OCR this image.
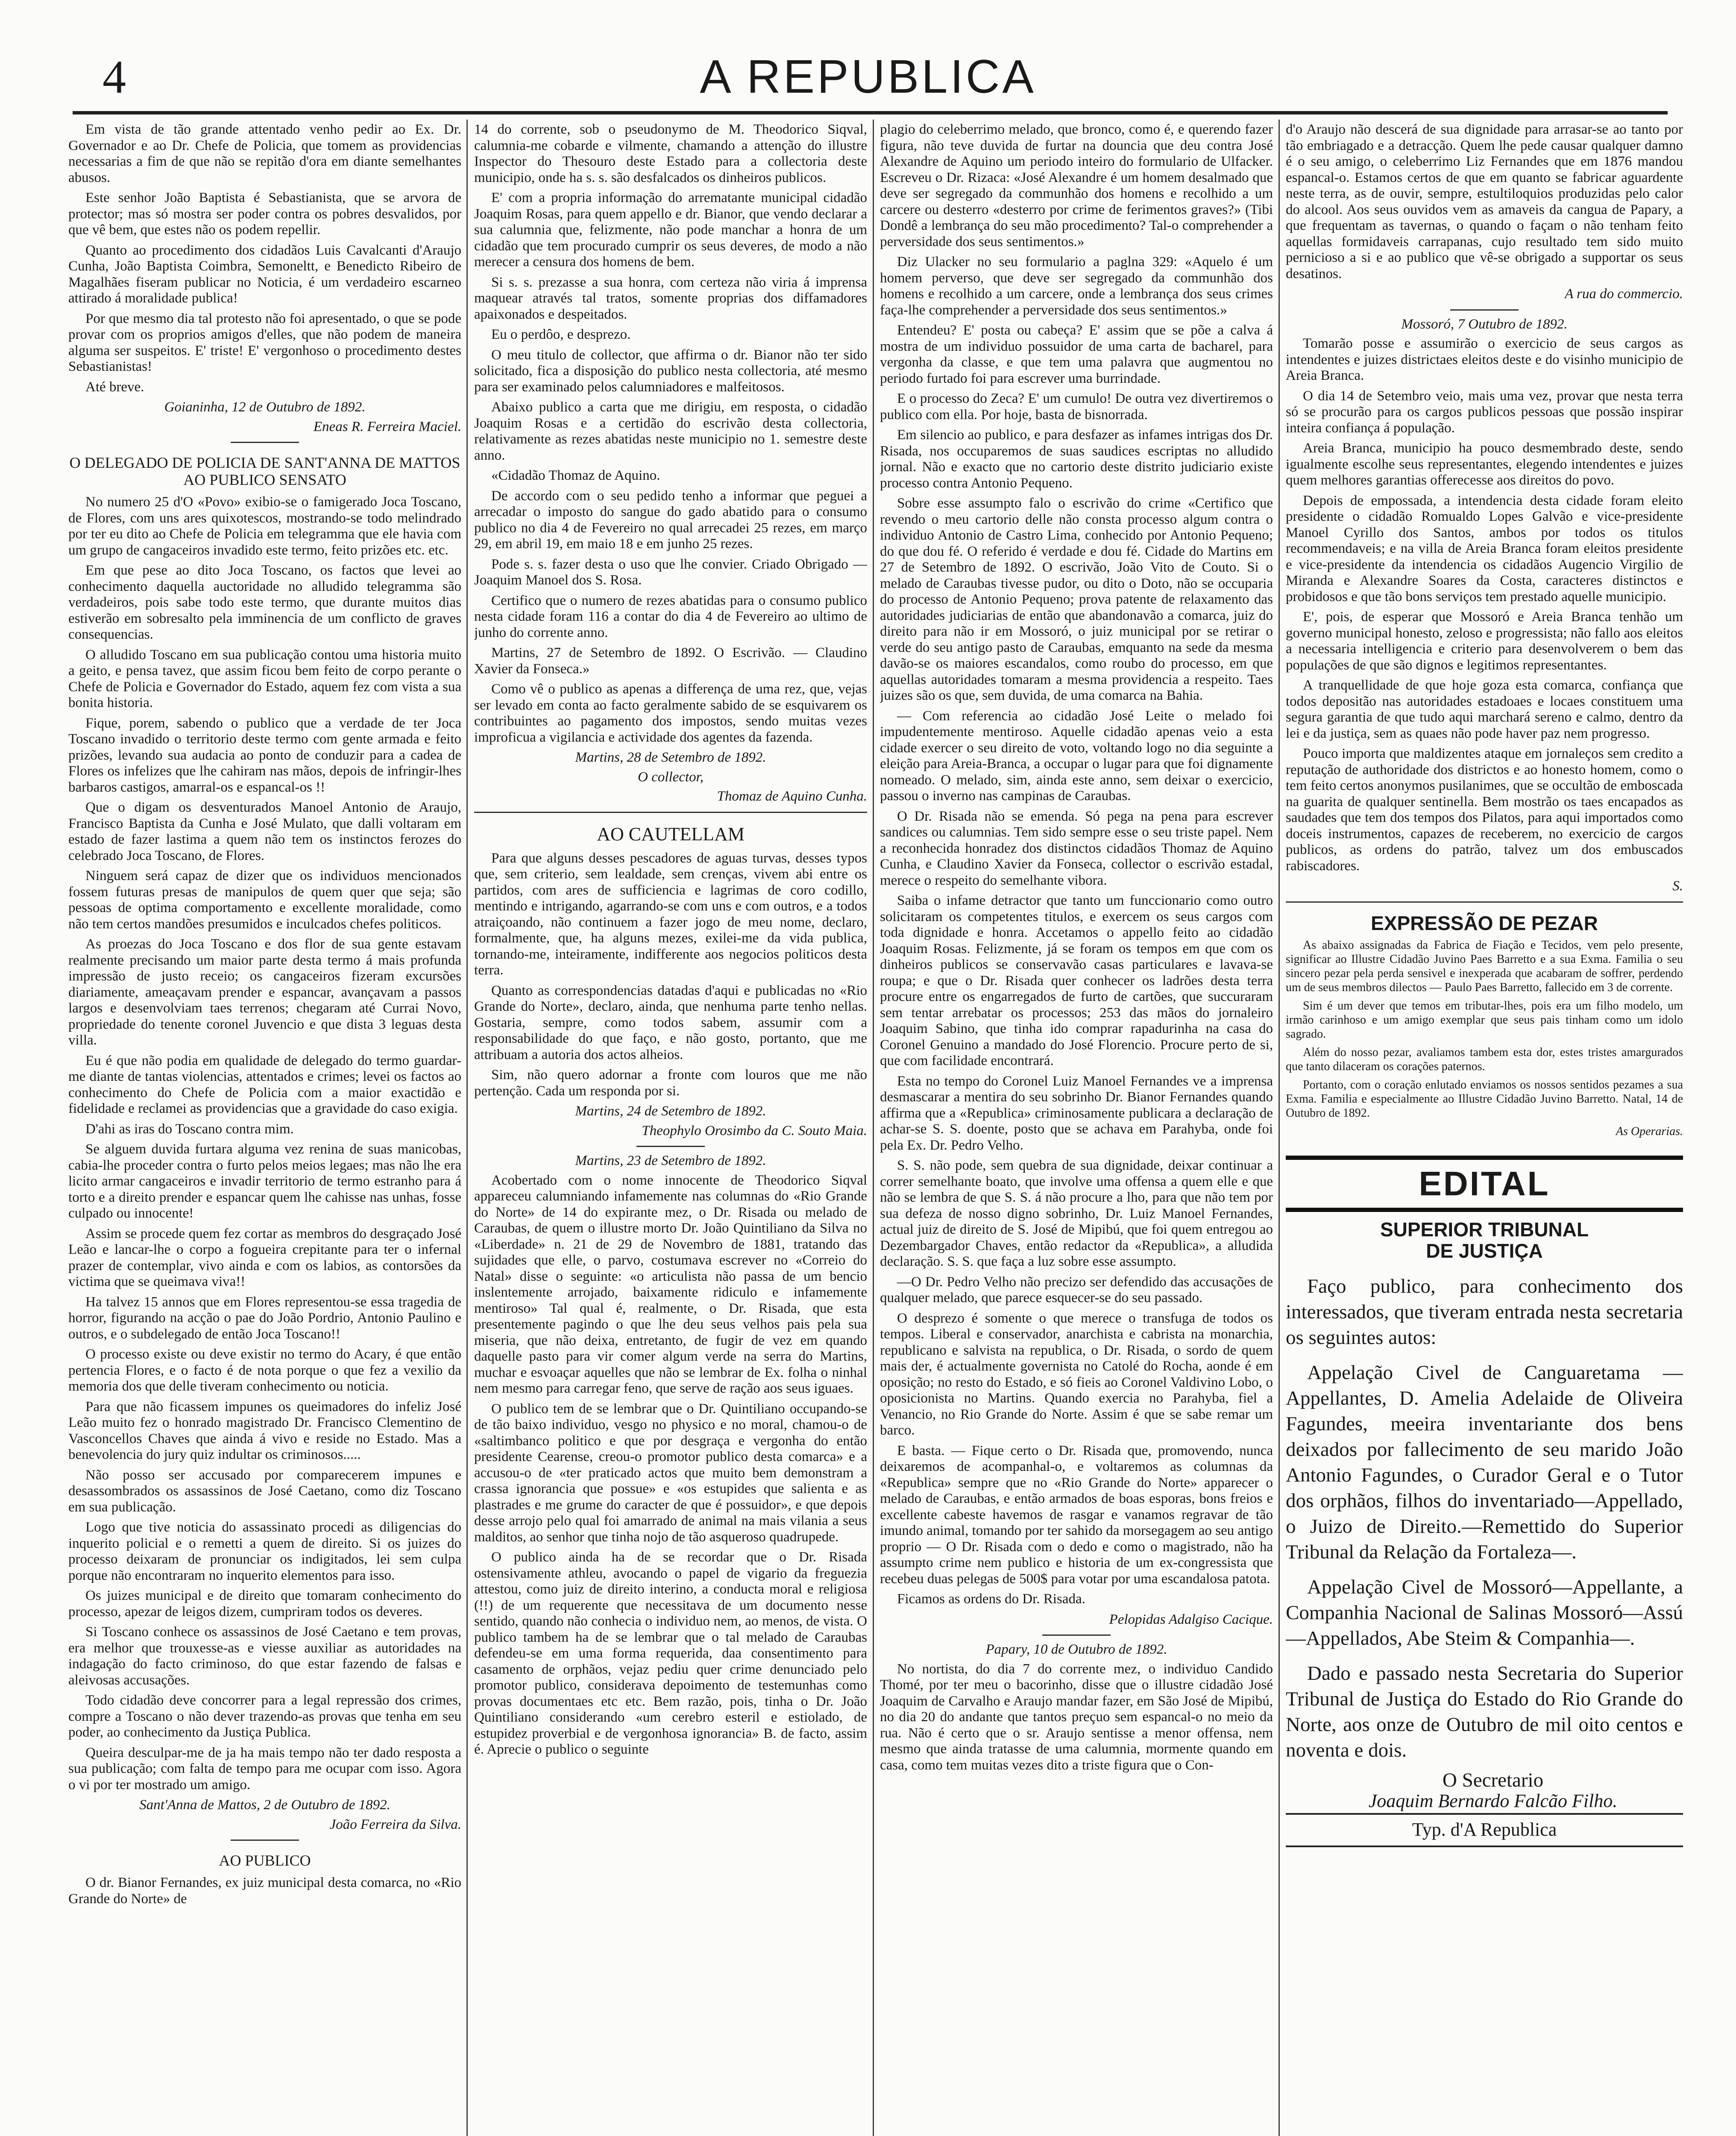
4	A REPUBLICA

Em vista de tão grande attentado venho pedir ao Ex. Dr. Governador e ao Dr. Chefe de Policia, que tomem as providencias necessarias a fim de que não se repitão d'ora em diante semelhantes abusos.

Este senhor João Baptista é Sebastianista, que se arvora de protector; mas só mostra ser poder contra os pobres desvalidos, por que vê bem, que estes não os podem repellir.

Quanto ao procedimento dos cidadãos Luis Cavalcanti d'Araujo Cunha, João Baptista Coimbra, Semoneltt, e Benedicto Ribeiro de Magalhães fiseram publicar no Noticia, é um verdadeiro escarneo attirado á moralidade publica!

Por que mesmo dia tal protesto não foi apresentado, o que se pode provar com os proprios amigos d'elles, que não podem de maneira alguma ser suspeitos. E' triste! E' vergonhoso o procedimento destes Sebastianistas!

Até breve.

Goianinha, 12 de Outubro de 1892.

Eneas R. Ferreira Maciel.

O DELEGADO DE POLICIA DE SANT'ANNA DE MATTOS AO PUBLICO SENSATO

No numero 25 d'O «Povo» exibio-se o famigerado Joca Toscano, de Flores, com uns ares quixotescos, mostrando-se todo melindrado por ter eu dito ao Chefe de Policia em telegramma que ele havia com um grupo de cangaceiros invadido este termo, feito prizões etc. etc.

Em que pese ao dito Joca Toscano, os factos que levei ao conhecimento daquella auctoridade no alludido telegramma são verdadeiros, pois sabe todo este termo, que durante muitos dias estiverão em sobresalto pela imminencia de um conflicto de graves consequencias.

O alludido Toscano em sua publicação contou uma historia muito a geito, e pensa tavez, que assim ficou bem feito de corpo perante o Chefe de Policia e Governador do Estado, aquem fez com vista a sua bonita historia.

Fique, porem, sabendo o publico que a verdade de ter Joca Toscano invadido o territorio deste termo com gente armada e feito prizões, levando sua audacia ao ponto de conduzir para a cadea de Flores os infelizes que lhe cahiram nas mãos, depois de infringir-lhes barbaros castigos, amarral-os e espancal-os !!

Que o digam os desventurados Manoel Antonio de Araujo, Francisco Baptista da Cunha e José Mulato, que dalli voltaram em estado de fazer lastima a quem não tem os instinctos ferozes do celebrado Joca Toscano, de Flores.

Ninguem será capaz de dizer que os individuos mencionados fossem futuras presas de manipulos de quem quer que seja; são pessoas de optima comportamento e excellente moralidade, como não tem certos mandões presumidos e inculcados chefes politicos.

As proezas do Joca Toscano e dos flor de sua gente estavam realmente precisando um maior parte desta termo á mais profunda impressão de justo receio; os cangaceiros fizeram excursões diariamente, ameaçavam prender e espancar, avançavam a passos largos e desenvolviam taes terrenos; chegaram até Currai Novo, propriedade do tenente coronel Juvencio e que dista 3 leguas desta villa.

Eu é que não podia em qualidade de delegado do termo guardar-me diante de tantas violencias, attentados e crimes; levei os factos ao conhecimento do Chefe de Policia com a maior exactidão e fidelidade e reclamei as providencias que a gravidade do caso exigia.

D'ahi as iras do Toscano contra mim.

Se alguem duvida furtara alguma vez renina de suas manicobas, cabia-lhe proceder contra o furto pelos meios legaes; mas não lhe era licito armar cangaceiros e invadir territorio de termo estranho para á torto e a direito prender e espancar quem lhe cahisse nas unhas, fosse culpado ou innocente!

Assim se procede quem fez cortar as membros do desgraçado José Leão e lancar-lhe o corpo a fogueira crepitante para ter o infernal prazer de contemplar, vivo ainda e com os labios, as contorsões da victima que se queimava viva!!

Ha talvez 15 annos que em Flores representou-se essa tragedia de horror, figurando na acção o pae do João Pordrio, Antonio Paulino e outros, e o subdelegado de então Joca Toscano!!

O processo existe ou deve existir no termo do Acary, é que então pertencia Flores, e o facto é de nota porque o que fez a vexilio da memoria dos que delle tiveram conhecimento ou noticia.

Para que não ficassem impunes os queimadores do infeliz José Leão muito fez o honrado magistrado Dr. Francisco Clementino de Vasconcellos Chaves que ainda á vivo e reside no Estado. Mas a benevolencia do jury quiz indultar os criminosos.....

Não posso ser accusado por comparecerem impunes e desassombrados os assassinos de José Caetano, como diz Toscano em sua publicação.

Logo que tive noticia do assassinato procedi as diligencias do inquerito policial e o remetti a quem de direito. Si os juizes do processo deixaram de pronunciar os indigitados, lei sem culpa porque não encontraram no inquerito elementos para isso.

Os juizes municipal e de direito que tomaram conhecimento do processo, apezar de leigos dizem, cumpriram todos os deveres.

Si Toscano conhece os assassinos de José Caetano e tem provas, era melhor que trouxesse-as e viesse auxiliar as autoridades na indagação do facto criminoso, do que estar fazendo de falsas e aleivosas accusações.

Todo cidadão deve concorrer para a legal repressão dos crimes, compre a Toscano o não dever trazendo-as provas que tenha em seu poder, ao conhecimento da Justiça Publica.

Queira desculpar-me de ja ha mais tempo não ter dado resposta a sua publicação; com falta de tempo para me ocupar com isso. Agora o vi por ter mostrado um amigo.

Sant'Anna de Mattos, 2 de Outubro de 1892.

João Ferreira da Silva.

AO PUBLICO

O dr. Bianor Fernandes, ex juiz municipal desta comarca, no «Rio Grande do Norte» de

14 do corrente, sob o pseudonymo de M. Theodorico Siqval, calumnia-me cobarde e vilmente, chamando a attenção do illustre Inspector do Thesouro deste Estado para a collectoria deste municipio, onde ha s. s. são desfalcados os dinheiros publicos.

E' com a propria informação do arrematante municipal cidadão Joaquim Rosas, para quem appello e dr. Bianor, que vendo declarar a sua calumnia que, felizmente, não pode manchar a honra de um cidadão que tem procurado cumprir os seus deveres, de modo a não merecer a censura dos homens de bem.

Si s. s. prezasse a sua honra, com certeza não viria á imprensa maquear através tal tratos, somente proprias dos diffamadores apaixonados e despeitados.

Eu o perdôo, e desprezo.

O meu titulo de collector, que affirma o dr. Bianor não ter sido solicitado, fica a disposição do publico nesta collectoria, até mesmo para ser examinado pelos calumniadores e malfeitosos.

Abaixo publico a carta que me dirigiu, em resposta, o cidadão Joaquim Rosas e a certidão do escrivão desta collectoria, relativamente as rezes abatidas neste municipio no 1. semestre deste anno.

«Cidadão Thomaz de Aquino.

De accordo com o seu pedido tenho a informar que peguei a arrecadar o imposto do sangue do gado abatido para o consumo publico no dia 4 de Fevereiro no qual arrecadei 25 rezes, em março 29, em abril 19, em maio 18 e em junho 25 rezes.

Pode s. s. fazer desta o uso que lhe convier. Criado Obrigado — Joaquim Manoel dos S. Rosa.

Certifico que o numero de rezes abatidas para o consumo publico nesta cidade foram 116 a contar do dia 4 de Fevereiro ao ultimo de junho do corrente anno.

Martins, 27 de Setembro de 1892. O Escrivão. — Claudino Xavier da Fonseca.»

Como vê o publico as apenas a differença de uma rez, que, vejas ser levado em conta ao facto geralmente sabido de se esquivarem os contribuintes ao pagamento dos impostos, sendo muitas vezes improficua a vigilancia e actividade dos agentes da fazenda.

Martins, 28 de Setembro de 1892.

O collector,

Thomaz de Aquino Cunha.

AO CAUTELLAM

Para que alguns desses pescadores de aguas turvas, desses typos que, sem criterio, sem lealdade, sem crenças, vivem abi entre os partidos, com ares de sufficiencia e lagrimas de coro codillo, mentindo e intrigando, agarrando-se com uns e com outros, e a todos atraiçoando, não continuem a fazer jogo de meu nome, declaro, formalmente, que, ha alguns mezes, exilei-me da vida publica, tornando-me, inteiramente, indifferente aos negocios politicos desta terra.

Quanto as correspondencias datadas d'aqui e publicadas no «Rio Grande do Norte», declaro, ainda, que nenhuma parte tenho nellas. Gostaria, sempre, como todos sabem, assumir com a responsabilidade do que faço, e não gosto, portanto, que me attribuam a autoria dos actos alheios.

Sim, não quero adornar a fronte com louros que me não pertenção. Cada um responda por si.

Martins, 24 de Setembro de 1892.

Theophylo Orosimbo da C. Souto Maia.

Martins, 23 de Setembro de 1892.

Acobertado com o nome innocente de Theodorico Siqval appareceu calumniando infamemente nas columnas do «Rio Grande do Norte» de 14 do expirante mez, o Dr. Risada ou melado de Caraubas, de quem o illustre morto Dr. João Quintiliano da Silva no «Liberdade» n. 21 de 29 de Novembro de 1881, tratando das sujidades que elle, o parvo, costumava escrever no «Correio do Natal» disse o seguinte: «o articulista não passa de um bencio inslentemente arrojado, baixamente ridiculo e infamemente mentiroso» Tal qual é, realmente, o Dr. Risada, que esta presentemente pagindo o que lhe deu seus velhos pais pela sua miseria, que não deixa, entretanto, de fugir de vez em quando daquelle pasto para vir comer algum verde na serra do Martins, muchar e esvoaçar aquelles que não se lembrar de Ex. folha o ninhal nem mesmo para carregar feno, que serve de ração aos seus iguaes.

O publico tem de se lembrar que o Dr. Quintiliano occupando-se de tão baixo individuo, vesgo no physico e no moral, chamou-o de «saltimbanco politico e que por desgraça e vergonha do então presidente Cearense, creou-o promotor publico desta comarca» e a accusou-o de «ter praticado actos que muito bem demonstram a crassa ignorancia que possue» e «os estupides que salienta e as plastrades e me grume do caracter de que é possuidor», e que depois desse arrojo pelo qual foi amarrado de animal na mais vilania a seus malditos, ao senhor que tinha nojo de tão asqueroso quadrupede.

O publico ainda ha de se recordar que o Dr. Risada ostensivamente athleu, avocando o papel de vigario da freguezia attestou, como juiz de direito interino, a conducta moral e religiosa (!!) de um requerente que necessitava de um documento nesse sentido, quando não conhecia o individuo nem, ao menos, de vista. O publico tambem ha de se lembrar que o tal melado de Caraubas defendeu-se em uma forma requerida, daa consentimento para casamento de orphãos, vejaz pediu quer crime denunciado pelo promotor publico, considerava depoimento de testemunhas como provas documentaes etc etc. Bem razão, pois, tinha o Dr. João Quintiliano considerando «um cerebro esteril e estiolado, de estupidez proverbial e de vergonhosa ignorancia» B. de facto, assim é. Aprecie o publico o seguinte

plagio do celeberrimo melado, que bronco, como é, e querendo fazer figura, não teve duvida de furtar na douncia que deu contra José Alexandre de Aquino um periodo inteiro do formulario de Ulfacker. Escreveu o Dr. Rizaca: «José Alexandre é um homem desalmado que deve ser segregado da communhão dos homens e recolhido a um carcere ou desterro «desterro por crime de ferimentos graves?» (Tibi Dondê a lembrança do seu mão procedimento? Tal-o comprehender a perversidade dos seus sentimentos.»

Diz Ulacker no seu formulario a paglna 329: «Aquelo é um homem perverso, que deve ser segregado da communhão dos homens e recolhido a um carcere, onde a lembrança dos seus crimes faça-lhe comprehender a perversidade dos seus sentimentos.»

Entendeu? E' posta ou cabeça? E' assim que se põe a calva á mostra de um individuo possuidor de uma carta de bacharel, para vergonha da classe, e que tem uma palavra que augmentou no periodo furtado foi para escrever uma burrindade.

E o processo do Zeca? E' um cumulo! De outra vez divertiremos o publico com ella. Por hoje, basta de bisnorrada.

Em silencio ao publico, e para desfazer as infames intrigas dos Dr. Risada, nos occuparemos de suas saudices escriptas no alludido jornal. Não e exacto que no cartorio deste distrito judiciario existe processo contra Antonio Pequeno.

Sobre esse assumpto falo o escrivão do crime «Certifico que revendo o meu cartorio delle não consta processo algum contra o individuo Antonio de Castro Lima, conhecido por Antonio Pequeno; do que dou fé. O referido é verdade e dou fé. Cidade do Martins em 27 de Setembro de 1892. O escrivão, João Vito de Couto. Si o melado de Caraubas tivesse pudor, ou dito o Doto, não se occuparia do processo de Antonio Pequeno; prova patente de relaxamento das autoridades judiciarias de então que abandonavão a comarca, juiz do direito para não ir em Mossoró, o juiz municipal por se retirar o verde do seu antigo pasto de Caraubas, emquanto na sede da mesma davão-se os maiores escandalos, como roubo do processo, em que aquellas autoridades tomaram a mesma providencia a respeito. Taes juizes são os que, sem duvida, de uma comarca na Bahia.

— Com referencia ao cidadão José Leite o melado foi impudentemente mentiroso. Aquelle cidadão apenas veio a esta cidade exercer o seu direito de voto, voltando logo no dia seguinte a eleição para Areia-Branca, a occupar o lugar para que foi dignamente nomeado. O melado, sim, ainda este anno, sem deixar o exercicio, passou o inverno nas campinas de Caraubas.

O Dr. Risada não se emenda. Só pega na pena para escrever sandices ou calumnias. Tem sido sempre esse o seu triste papel. Nem a reconhecida honradez dos distinctos cidadãos Thomaz de Aquino Cunha, e Claudino Xavier da Fonseca, collector o escrivão estadal, merece o respeito do semelhante vibora.

Saiba o infame detractor que tanto um funccionario como outro solicitaram os competentes titulos, e exercem os seus cargos com toda dignidade e honra. Accetamos o appello feito ao cidadão Joaquim Rosas. Felizmente, já se foram os tempos em que com os dinheiros publicos se conservavão casas particulares e lavava-se roupa; e que o Dr. Risada quer conhecer os ladrões desta terra procure entre os engarregados de furto de cartões, que succuraram sem tentar arrebatar os processos; 253 das mãos do jornaleiro Joaquim Sabino, que tinha ido comprar rapadurinha na casa do Coronel Genuino a mandado do José Florencio. Procure perto de si, que com facilidade encontrará.

Esta no tempo do Coronel Luiz Manoel Fernandes ve a imprensa desmascarar a mentira do seu sobrinho Dr. Bianor Fernandes quando affirma que a «Republica» criminosamente publicara a declaração de achar-se S. S. doente, posto que se achava em Parahyba, onde foi pela Ex. Dr. Pedro Velho.

S. S. não pode, sem quebra de sua dignidade, deixar continuar a correr semelhante boato, que involve uma offensa a quem elle e que não se lembra de que S. S. á não procure a lho, para que não tem por sua defeza de nosso digno sobrinho, Dr. Luiz Manoel Fernandes, actual juiz de direito de S. José de Mipibú, que foi quem entregou ao Dezembargador Chaves, então redactor da «Republica», a alludida declaração. S. S. que faça a luz sobre esse assumpto.

—O Dr. Pedro Velho não precizo ser defendido das accusações de qualquer melado, que parece esquecer-se do seu passado.

O desprezo é somente o que merece o transfuga de todos os tempos. Liberal e conservador, anarchista e cabrista na monarchia, republicano e salvista na republica, o Dr. Risada, o sordo de quem mais der, é actualmente governista no Catolé do Rocha, aonde é em oposição; no resto do Estado, e só fieis ao Coronel Valdivino Lobo, o oposicionista no Martins. Quando exercia no Parahyba, fiel a Venancio, no Rio Grande do Norte. Assim é que se sabe remar um barco.

E basta. — Fique certo o Dr. Risada que, promovendo, nunca deixaremos de acompanhal-o, e voltaremos as columnas da «Republica» sempre que no «Rio Grande do Norte» apparecer o melado de Caraubas, e então armados de boas esporas, bons freios e excellente cabeste havemos de rasgar e vanamos regravar de tão imundo animal, tomando por ter sahido da morsegagem ao seu antigo proprio — O Dr. Risada com o dedo e como o magistrado, não ha assumpto crime nem publico e historia de um ex-congressista que recebeu duas pelegas de 500$ para votar por uma escandalosa patota.

Ficamos as ordens do Dr. Risada.

Pelopidas Adalgiso Cacique.

Papary, 10 de Outubro de 1892.

No nortista, do dia 7 do corrente mez, o individuo Candido Thomé, por ter meu o bacorinho, disse que o illustre cidadão José Joaquim de Carvalho e Araujo mandar fazer, em São José de Mipibú, no dia 20 do andante que tantos preçuo sem espancal-o no meio da rua. Não é certo que o sr. Araujo sentisse a menor offensa, nem mesmo que ainda tratasse de uma calumnia, mormente quando em casa, como tem muitas vezes dito a triste figura que o Con-

d'o Araujo não descerá de sua dignidade para arrasar-se ao tanto por tão embriagado e a detracção. Quem lhe pede causar qualquer damno é o seu amigo, o celeberrimo Liz Fernandes que em 1876 mandou espancal-o. Estamos certos de que em quanto se fabricar aguardente neste terra, as de ouvir, sempre, estultiloquios produzidas pelo calor do alcool. Aos seus ouvidos vem as amaveis da cangua de Papary, a que frequentam as tavernas, o quando o façam o não tenham feito aquellas formidaveis carrapanas, cujo resultado tem sido muito pernicioso a si e ao publico que vê-se obrigado a supportar os seus desatinos.

A rua do commercio.

Mossoró, 7 Outubro de 1892.

Tomarão posse e assumirão o exercicio de seus cargos as intendentes e juizes districtaes eleitos deste e do visinho municipio de Areia Branca.

O dia 14 de Setembro veio, mais uma vez, provar que nesta terra só se procurão para os cargos publicos pessoas que possão inspirar inteira confiança á população.

Areia Branca, municipio ha pouco desmembrado deste, sendo igualmente escolhe seus representantes, elegendo intendentes e juizes quem melhores garantias offerecesse aos direitos do povo.

Depois de empossada, a intendencia desta cidade foram eleito presidente o cidadão Romualdo Lopes Galvão e vice-presidente Manoel Cyrillo dos Santos, ambos por todos os titulos recommendaveis; e na villa de Areia Branca foram eleitos presidente e vice-presidente da intendencia os cidadãos Augencio Virgilio de Miranda e Alexandre Soares da Costa, caracteres distinctos e probidosos e que tão bons serviços tem prestado aquelle municipio.

E', pois, de esperar que Mossoró e Areia Branca tenhão um governo municipal honesto, zeloso e progressista; não fallo aos eleitos a necessaria intelligencia e criterio para desenvolverem o bem das populações de que são dignos e legitimos representantes.

A tranquellidade de que hoje goza esta comarca, confiança que todos depositão nas autoridades estadoaes e locaes constituem uma segura garantia de que tudo aqui marchará sereno e calmo, dentro da lei e da justiça, sem as quaes não pode haver paz nem progresso.

Pouco importa que maldizentes ataque em jornaleços sem credito a reputação de authoridade dos districtos e ao honesto homem, como o tem feito certos anonymos pusilanimes, que se occultão de emboscada na guarita de qualquer sentinella. Bem mostrão os taes encapados as saudades que tem dos tempos dos Pilatos, para aqui importados como doceis instrumentos, capazes de receberem, no exercicio de cargos publicos, as ordens do patrão, talvez um dos embuscados rabiscadores.

S.

EXPRESSÃO DE PEZAR

As abaixo assignadas da Fabrica de Fiação e Tecidos, vem pelo presente, significar ao Illustre Cidadão Juvino Paes Barretto e a sua Exma. Familia o seu sincero pezar pela perda sensivel e inexperada que acabaram de soffrer, perdendo um de seus membros dilectos — Paulo Paes Barretto, fallecido em 3 de corrente.

Sim é um dever que temos em tributar-lhes, pois era um filho modelo, um irmão carinhoso e um amigo exemplar que seus pais tinham como um idolo sagrado.

Além do nosso pezar, avaliamos tambem esta dor, estes tristes amargurados que tanto dilaceram os corações paternos.

Portanto, com o coração enlutado enviamos os nossos sentidos pezames a sua Exma. Familia e especialmente ao Illustre Cidadão Juvino Barretto. Natal, 14 de Outubro de 1892.

As Operarias.

EDITAL
SUPERIOR TRIBUNAL
DE JUSTIÇA

Faço publico, para conhecimento dos interessados, que tiveram entrada nesta secretaria os seguintes autos:

Appelação Civel de Canguaretama —Appellantes, D. Amelia Adelaide de Oliveira Fagundes, meeira inventariante dos bens deixados por fallecimento de seu marido João Antonio Fagundes, o Curador Geral e o Tutor dos orphãos, filhos do inventariado—Appellado, o Juizo de Direito.—Remettido do Superior Tribunal da Relação da Fortaleza—.

Appelação Civel de Mossoró—Appellante, a Companhia Nacional de Salinas Mossoró—Assú—Appellados, Abe Steim & Companhia—.

Dado e passado nesta Secretaria do Superior Tribunal de Justiça do Estado do Rio Grande do Norte, aos onze de Outubro de mil oito centos e noventa e dois.

O Secretario

Joaquim Bernardo Falcão Filho.

Typ. d'A Republica
